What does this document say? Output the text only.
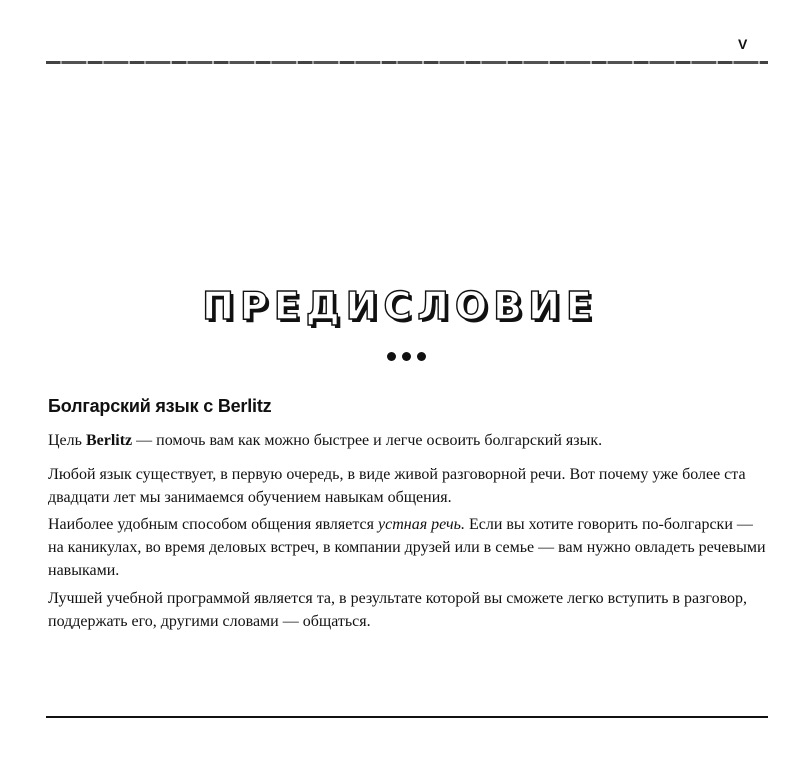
V
ПРЕДИСЛОВИЕ
Болгарский язык с Berlitz

Цель Berlitz — помочь вам как можно быстрее и легче освоить болгарский язык.

Любой язык существует, в первую очередь, в виде живой разговорной речи. Вот почему уже более ста двадцати лет мы занимаемся обучением навыкам общения.

Наиболее удобным способом общения является устная речь. Если вы хотите говорить по-болгарски — на каникулах, во время деловых встреч, в компании друзей или в семье — вам нужно овладеть речевыми навыками.

Лучшей учебной программой является та, в результате которой вы сможете легко вступить в разговор, поддержать его, другими словами — общаться.
